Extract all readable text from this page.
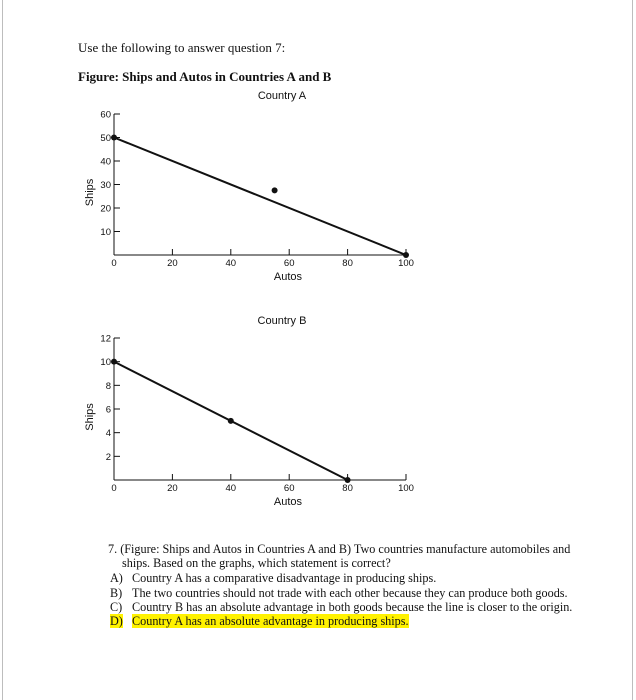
Use the following to answer question 7:
Figure: Ships and Autos in Countries A and B
Country A
10
20
30
40
50
60
0	20	40	60	80	100
Autos
Ships
Country B
2
4
6
8
10
12
0	20	40	60	80	100
Autos
Ships
7. (Figure: Ships and Autos in Countries A and B) Two countries manufacture automobiles and ships. Based on the graphs, which statement is correct?
A) Country A has a comparative disadvantage in producing ships.
B) The two countries should not trade with each other because they can produce both goods.
C) Country B has an absolute advantage in both goods because the line is closer to the origin.
D) Country A has an absolute advantage in producing ships.
